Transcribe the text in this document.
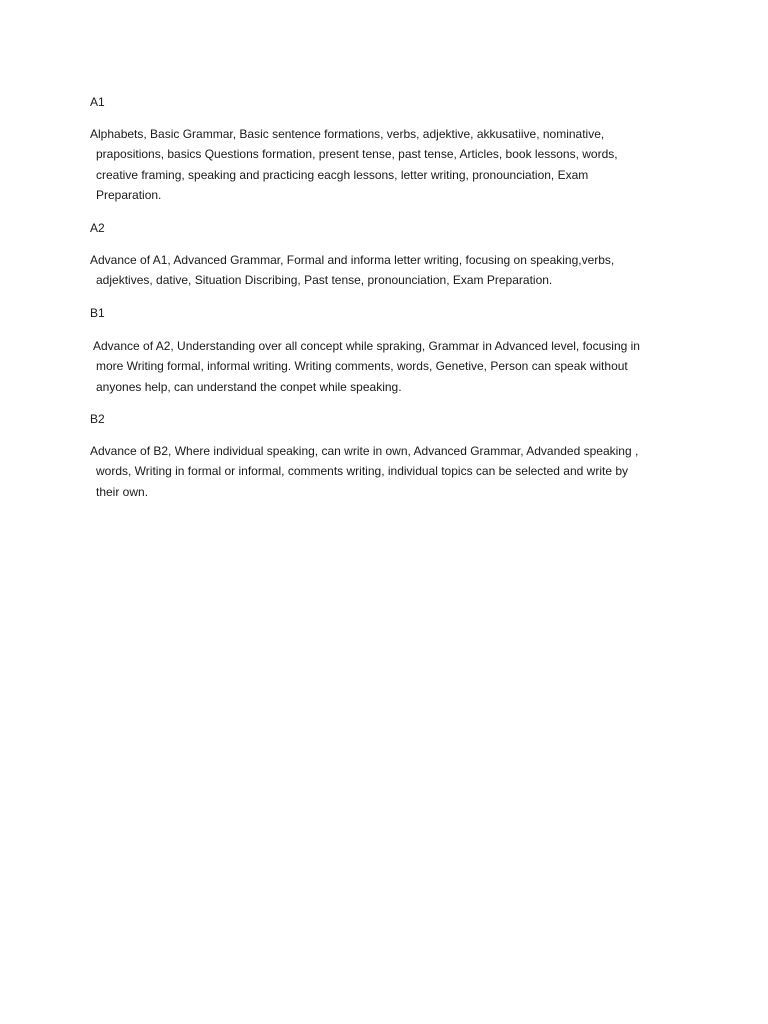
A1

Alphabets, Basic Grammar, Basic sentence formations, verbs, adjektive, akkusatiive, nominative,
prapositions, basics Questions formation, present tense, past tense, Articles, book lessons, words,
creative framing, speaking and practicing eacgh lessons, letter writing, pronounciation, Exam
Preparation.

A2

Advance of A1, Advanced Grammar, Formal and informa letter writing, focusing on speaking,verbs,
adjektives, dative, Situation Discribing, Past tense, pronounciation, Exam Preparation.

B1

Advance of A2, Understanding over all concept while spraking, Grammar in Advanced level, focusing in
more Writing formal, informal writing. Writing comments, words, Genetive, Person can speak without
anyones help, can understand the conpet while speaking.

B2

Advance of B2, Where individual speaking, can write in own, Advanced Grammar, Advanded speaking ,
words, Writing in formal or informal, comments writing, individual topics can be selected and write by
their own.
